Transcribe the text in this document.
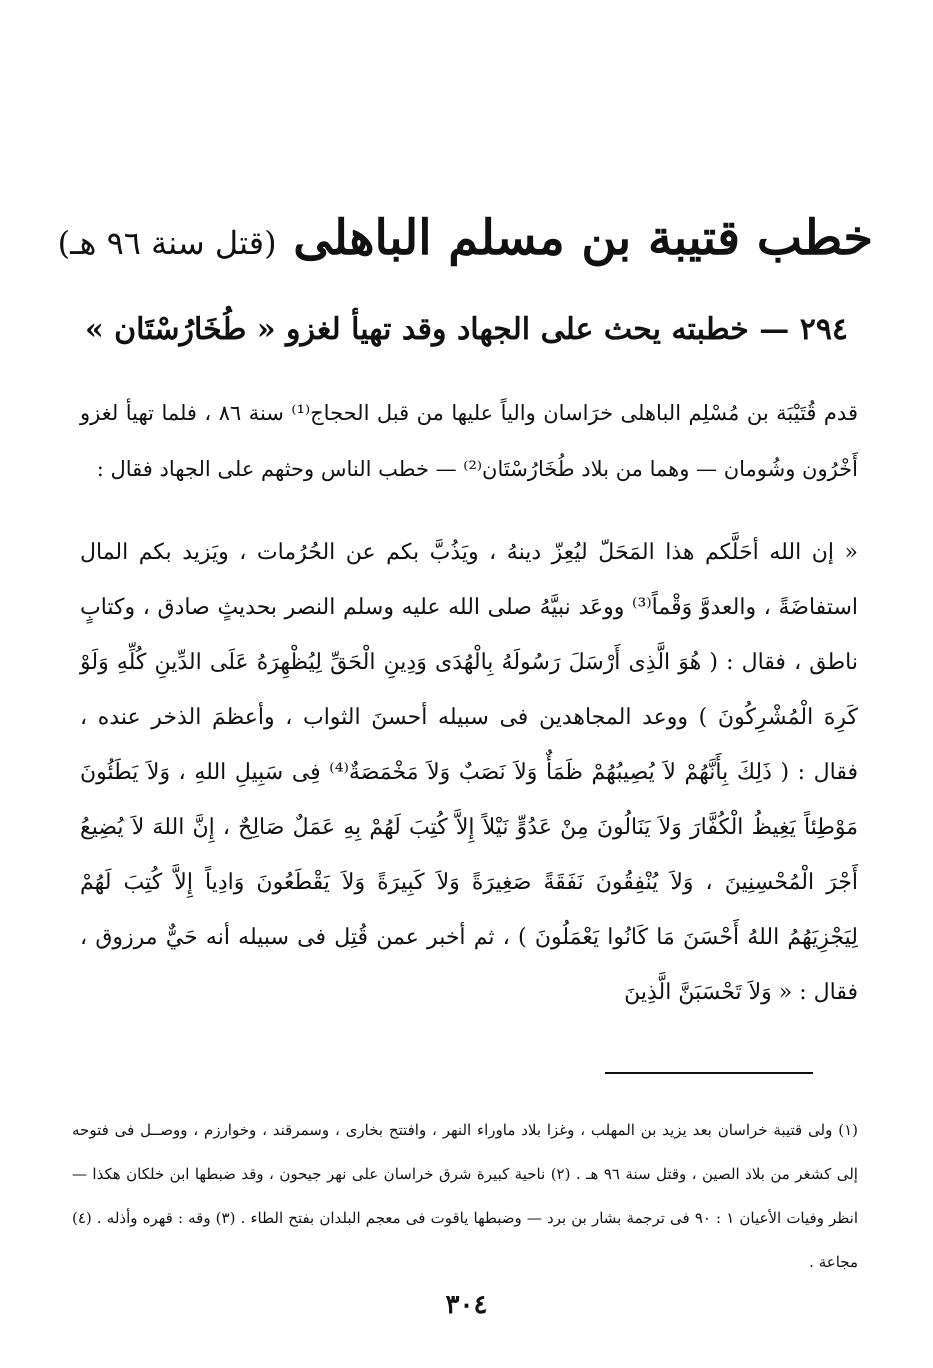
خطب قتيبة بن مسلم الباهلى (قتل سنة ٩٦ هـ)
٢٩٤ — خطبته يحث على الجهاد وقد تهيأ لغزو « طُخَارُسْتَان »

قدم قُتَيْبَة بن مُسْلِم الباهلى خرَاسان والياً عليها من قبل الحجاج⁽¹⁾ سنة ٨٦ ، فلما تهيأ لغزو أَخْرُون وشُومان — وهما من بلاد طُخَارُسْتَان⁽²⁾ — خطب الناس وحثهم على الجهاد فقال :

« إن الله أحَلَّكم هذا المَحَلّ ليُعِزّ دينهُ ، ويَذُبَّ بكم عن الحُرُمات ، ويَزيد بكم المال استفاضَةً ، والعدوَّ وَقْماً⁽³⁾ ووعَد نبيَّهُ صلى الله عليه وسلم النصر بحديثٍ صادق ، وكتابٍ ناطق ، فقال : ( هُوَ الَّذِى أَرْسَلَ رَسُولَهُ بِالْهُدَى وَدِينِ الْحَقِّ لِيُظْهِرَهُ عَلَى الدِّينِ كُلِّهِ وَلَوْ كَرِهَ الْمُشْرِكُونَ ) ووعد المجاهدين فى سبيله أحسنَ الثواب ، وأعظمَ الذخر عنده ، فقال : ( ذَلِكَ بِأَنَّهُمْ لاَ يُصِيبُهُمْ ظَمَأٌ وَلاَ نَصَبٌ وَلاَ مَخْمَصَةٌ⁽⁴⁾ فِى سَبِيلِ اللهِ ، وَلاَ يَطَئُونَ مَوْطِئاً يَغِيظُ الْكُفَّارَ وَلاَ يَنَالُونَ مِنْ عَدُوٍّ نَيْلاً إِلاَّ كُتِبَ لَهُمْ بِهِ عَمَلٌ صَالِحٌ ، إِنَّ اللهَ لاَ يُضِيعُ أَجْرَ الْمُحْسِنِينَ ، وَلاَ يُنْفِقُونَ نَفَقَةً صَغِيرَةً وَلاَ كَبِيرَةً وَلاَ يَقْطَعُونَ وَادِياً إِلاَّ كُتِبَ لَهُمْ لِيَجْزِيَهُمُ اللهُ أَحْسَنَ مَا كَانُوا يَعْمَلُونَ ) ، ثم أخبر عمن قُتِل فى سبيله أنه حَيٌّ مرزوق ، فقال : « وَلاَ تَحْسَبَنَّ الَّذِينَ

(١) ولى قتيبة خراسان بعد يزيد بن المهلب ، وغزا بلاد ماوراء النهر ، وافتتح بخارى ، وسمرقند ، وخوارزم ، ووصــل فى فتوحه إلى كشغر من بلاد الصين ، وقتل سنة ٩٦ هـ . (٢) ناحية كبيرة شرق خراسان على نهر جيحون ، وقد ضبطها ابن خلكان هكذا — انظر وفيات الأعيان ١ : ٩٠ فى ترجمة بشار بن برد — وضبطها ياقوت فى معجم البلدان بفتح الطاء . (٣) وقه : قهره وأذله . (٤) مجاعة .

٣٠٤
